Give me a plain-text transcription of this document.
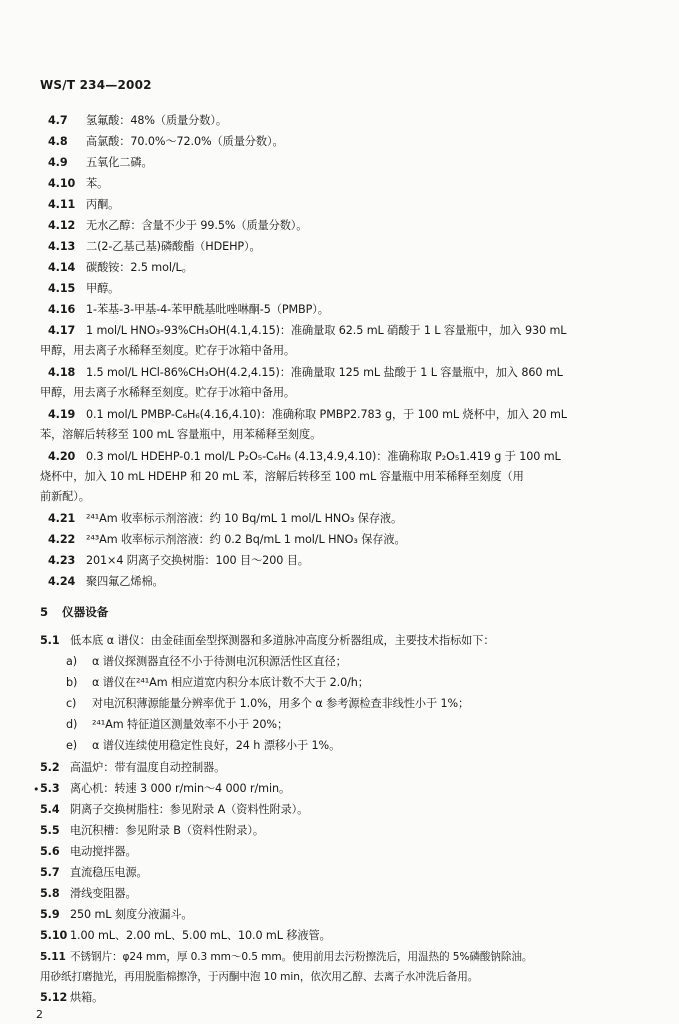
WS/T 234—2002
4.7 氢氟酸：48%（质量分数）。
4.8 高氯酸：70.0%～72.0%（质量分数）。
4.9 五氧化二磷。
4.10 苯。
4.11 丙酮。
4.12 无水乙醇：含量不少于 99.5%（质量分数）。
4.13 二(2-乙基己基)磷酸酯（HDEHP）。
4.14 碳酸铵：2.5 mol/L。
4.15 甲醇。
4.16 1-苯基-3-甲基-4-苯甲酰基吡唑啉酮-5（PMBP）。
4.17 1 mol/L HNO₃-93%CH₃OH(4.1,4.15)：准确量取 62.5 mL 硝酸于 1 L 容量瓶中，加入 930 mL
甲醇，用去离子水稀释至刻度。贮存于冰箱中备用。
4.18 1.5 mol/L HCl-86%CH₃OH(4.2,4.15)：准确量取 125 mL 盐酸于 1 L 容量瓶中，加入 860 mL
甲醇，用去离子水稀释至刻度。贮存于冰箱中备用。
4.19 0.1 mol/L PMBP-C₆H₆(4.16,4.10)：准确称取 PMBP2.783 g，于 100 mL 烧杯中，加入 20 mL
苯，溶解后转移至 100 mL 容量瓶中，用苯稀释至刻度。
4.20 0.3 mol/L HDEHP-0.1 mol/L P₂O₅-C₆H₆ (4.13,4.9,4.10)：准确称取 P₂O₅1.419 g 于 100 mL
烧杯中，加入 10 mL HDEHP 和 20 mL 苯，溶解后转移至 100 mL 容量瓶中用苯稀释至刻度（用
前新配）。
4.21 ²⁴¹Am 收率标示剂溶液：约 10 Bq/mL 1 mol/L HNO₃ 保存液。
4.22 ²⁴³Am 收率标示剂溶液：约 0.2 Bq/mL 1 mol/L HNO₃ 保存液。
4.23 201×4 阴离子交换树脂：100 目～200 目。
4.24 聚四氟乙烯棉。
5 仪器设备
5.1 低本底 α 谱仪：由金硅面垒型探测器和多道脉冲高度分析器组成，主要技术指标如下：
a) α 谱仪探测器直径不小于待测电沉积源活性区直径；
b) α 谱仪在²⁴¹Am 相应道宽内积分本底计数不大于 2.0/h；
c) 对电沉积薄源能量分辨率优于 1.0%，用多个 α 参考源检查非线性小于 1%；
d) ²⁴¹Am 特征道区测量效率不小于 20%；
e) α 谱仪连续使用稳定性良好，24 h 漂移小于 1%。
5.2 高温炉：带有温度自动控制器。
• 5.3 离心机：转速 3 000 r/min～4 000 r/min。
5.4 阴离子交换树脂柱：参见附录 A（资料性附录）。
5.5 电沉积槽：参见附录 B（资料性附录）。
5.6 电动搅拌器。
5.7 直流稳压电源。
5.8 滑线变阻器。
5.9 250 mL 刻度分液漏斗。
5.10 1.00 mL、2.00 mL、5.00 mL、10.0 mL 移液管。
5.11 不锈钢片：φ24 mm，厚 0.3 mm～0.5 mm。使用前用去污粉擦洗后，用温热的 5%磷酸钠除油。
用砂纸打磨抛光，再用脱脂棉擦净，于丙酮中泡 10 min，依次用乙醇、去离子水冲洗后备用。
5.12 烘箱。
2
